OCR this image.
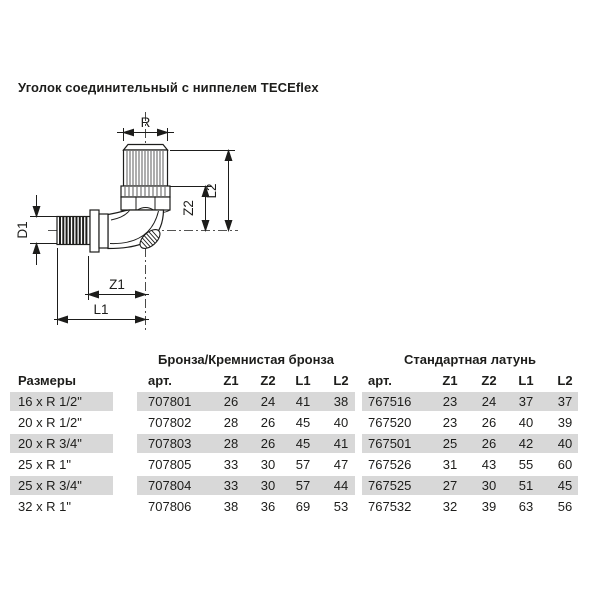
Уголок соединительный с ниппелем TECEflex
R
D1
Z2
L2
Z1
L1
Бронза/Кремнистая бронза	Стандартная латунь
Размеры	арт.	Z1	Z2	L1	L2	арт.	Z1	Z2	L1	L2
16 x R 1/2"	707801	26	24	41	38	767516	23	24	37	37
20 x R 1/2"	707802	28	26	45	40	767520	23	26	40	39
20 x R 3/4"	707803	28	26	45	41	767501	25	26	42	40
25 x R 1"	707805	33	30	57	47	767526	31	43	55	60
25 x R 3/4"	707804	33	30	57	44	767525	27	30	51	45
32 x R 1"	707806	38	36	69	53	767532	32	39	63	56
